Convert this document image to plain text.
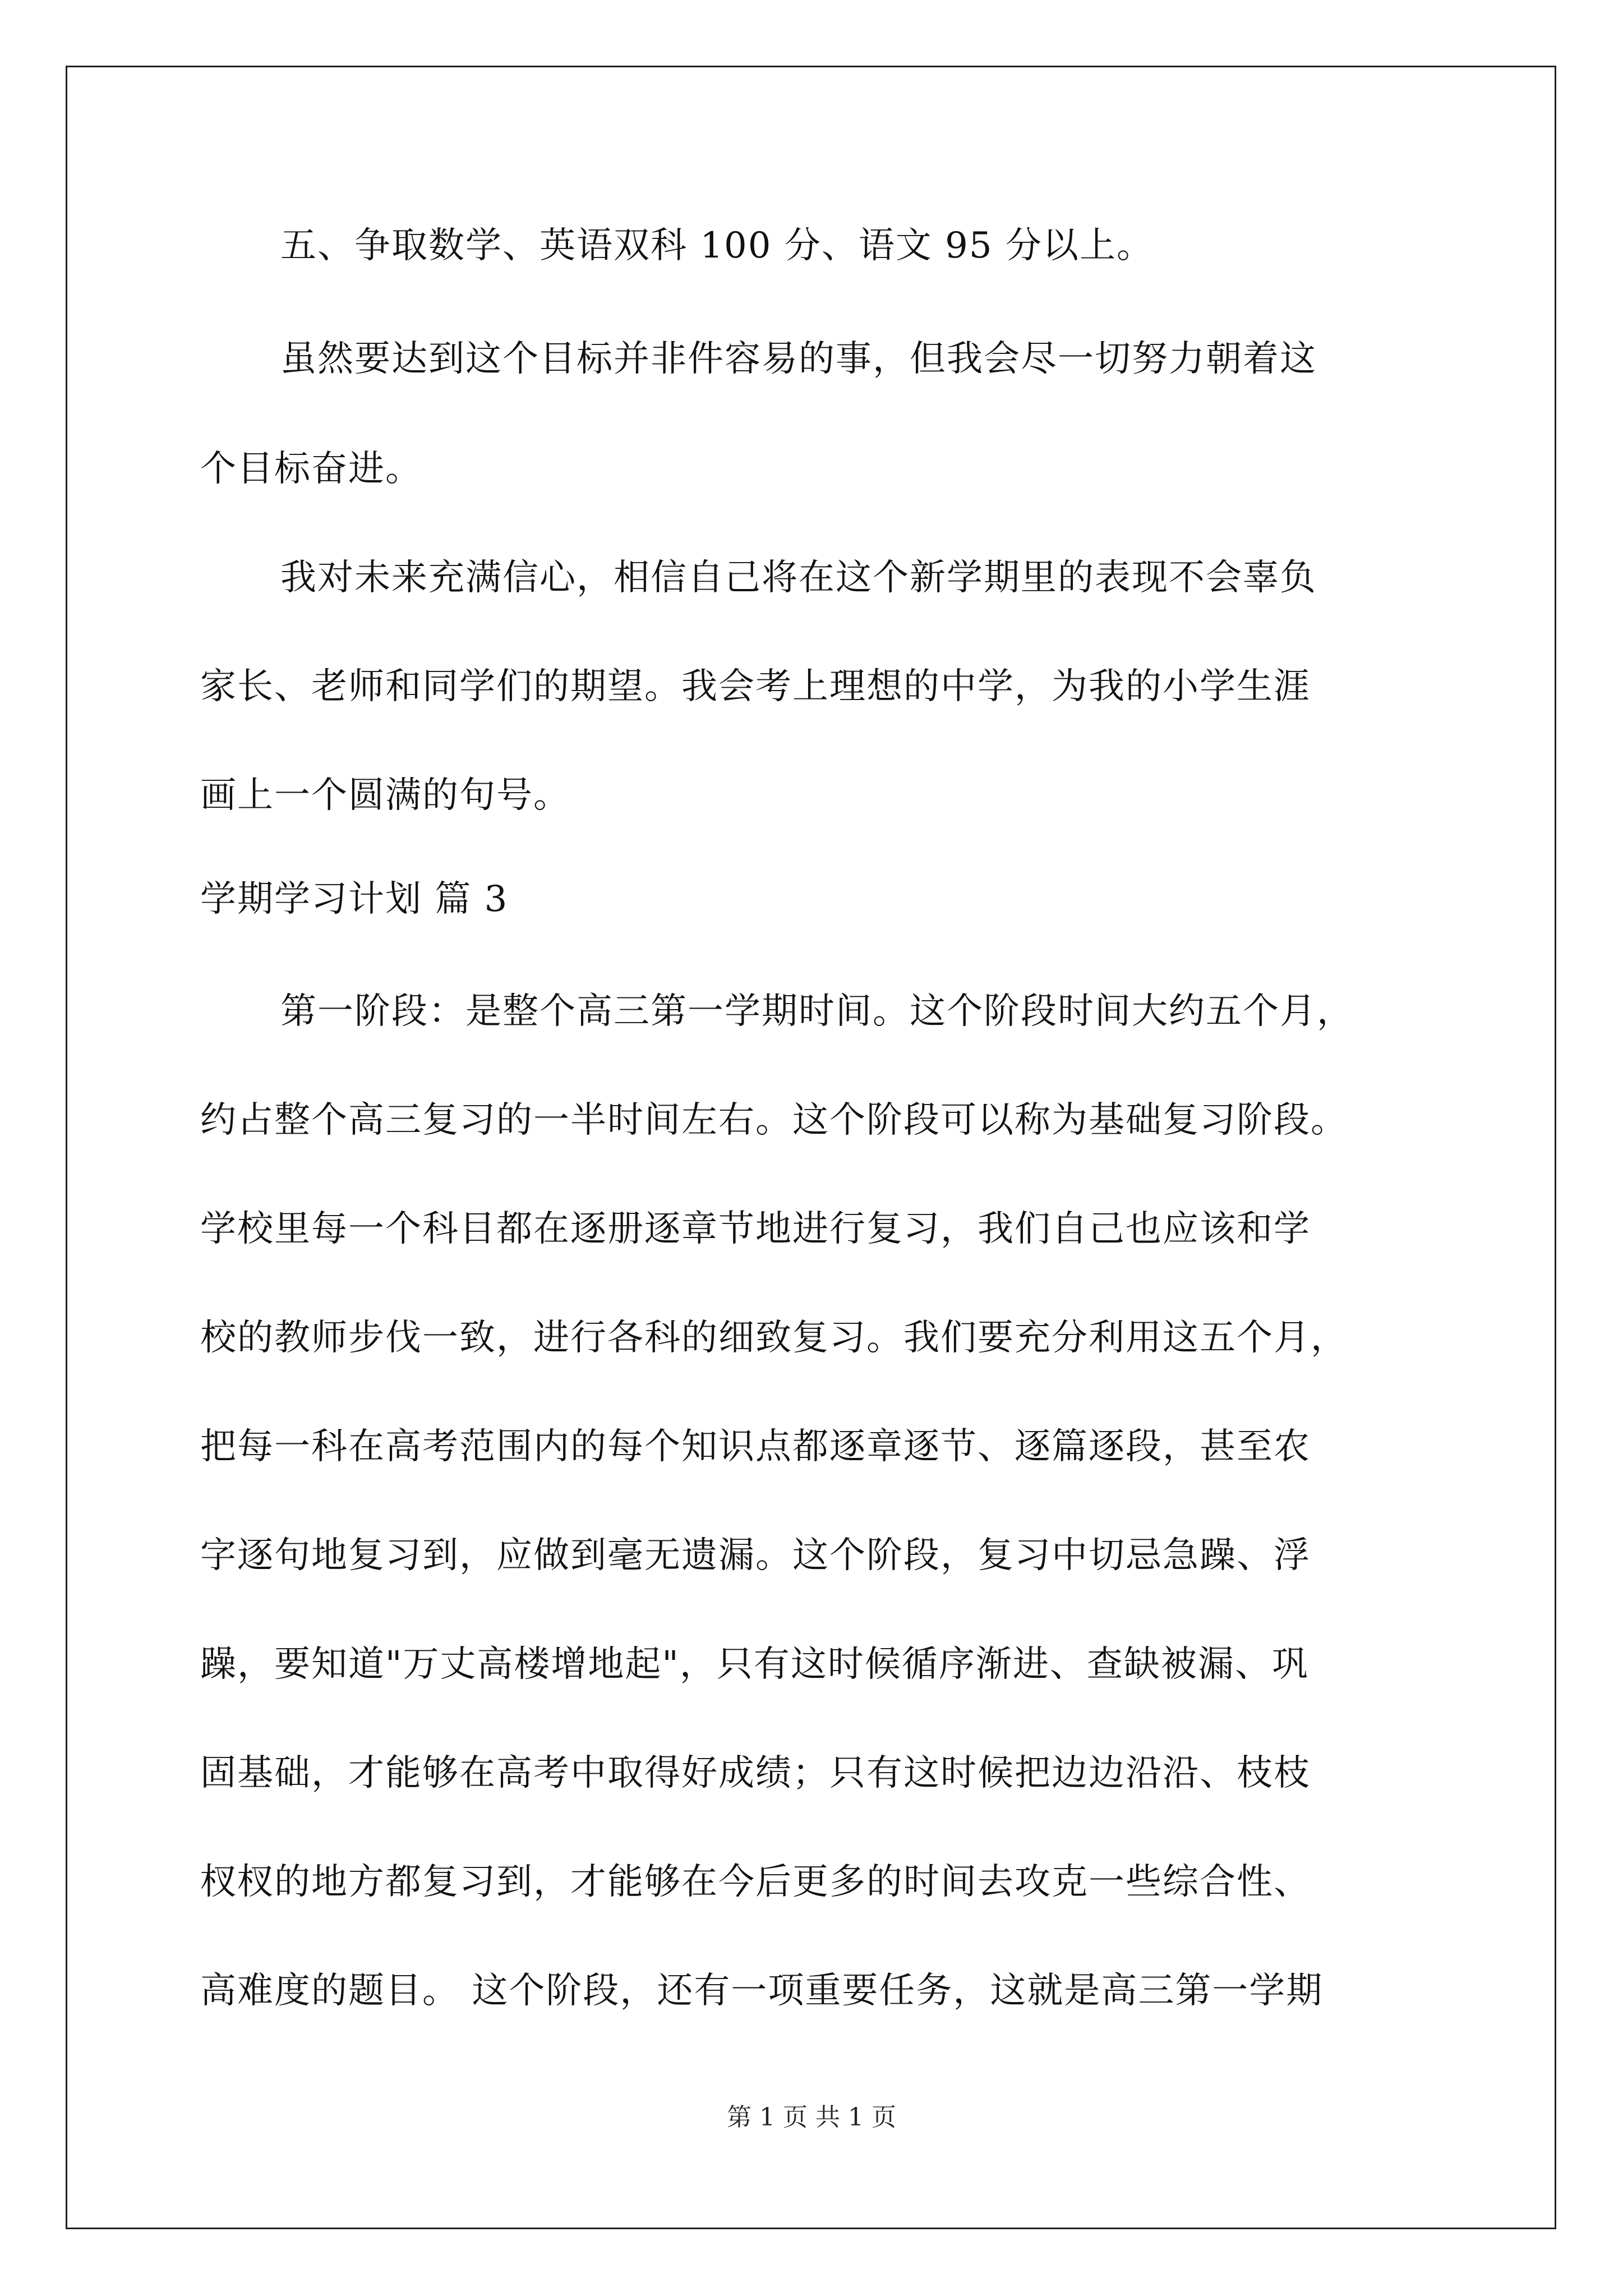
五、争取数学、英语双科 100 分、语文 95 分以上。
虽然要达到这个目标并非件容易的事，但我会尽一切努力朝着这
个目标奋进。
我对未来充满信心，相信自己将在这个新学期里的表现不会辜负
家长、老师和同学们的期望。我会考上理想的中学，为我的小学生涯
画上一个圆满的句号。
学期学习计划 篇 3
第一阶段：是整个高三第一学期时间。这个阶段时间大约五个月，
约占整个高三复习的一半时间左右。这个阶段可以称为基础复习阶段。
学校里每一个科目都在逐册逐章节地进行复习，我们自己也应该和学
校的教师步伐一致，进行各科的细致复习。我们要充分利用这五个月，
把每一科在高考范围内的每个知识点都逐章逐节、逐篇逐段，甚至农
字逐句地复习到，应做到毫无遗漏。这个阶段，复习中切忌急躁、浮
躁，要知道"万丈高楼增地起"，只有这时候循序渐进、查缺被漏、巩
固基础，才能够在高考中取得好成绩；只有这时候把边边沿沿、枝枝
杈杈的地方都复习到，才能够在今后更多的时间去攻克一些综合性、
高难度的题目。 这个阶段，还有一项重要任务，这就是高三第一学期
第 1 页 共 1 页
